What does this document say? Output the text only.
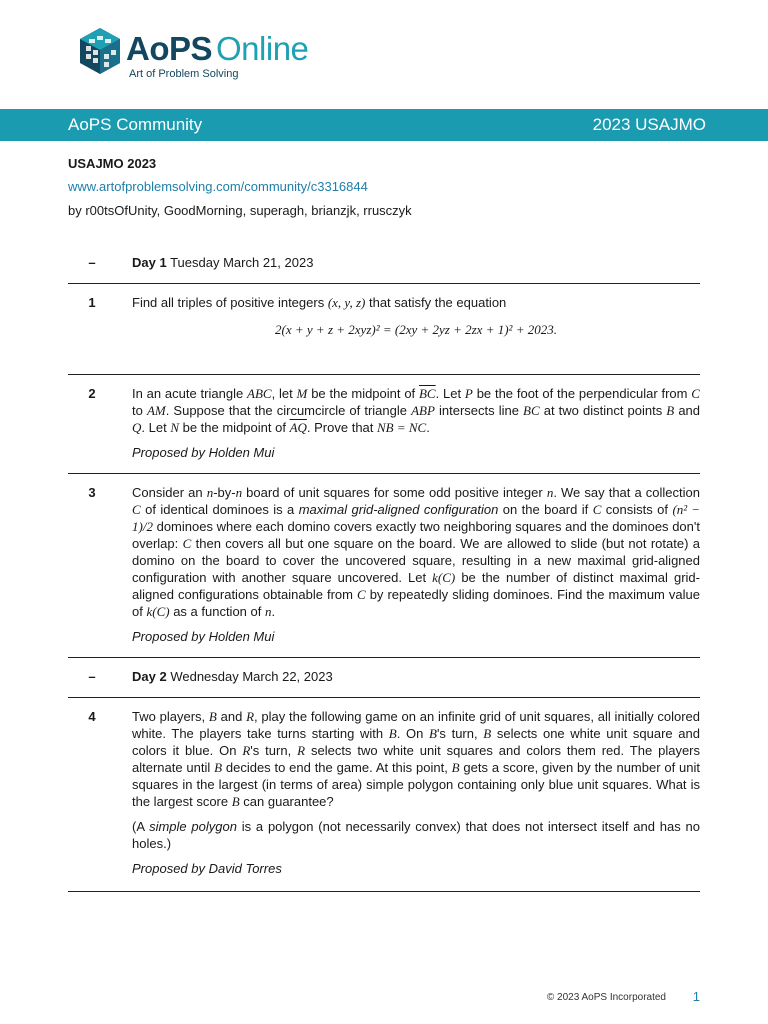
AoPS Online
Art of Problem Solving
AoPS Community	2023 USAJMO
USAJMO 2023
www.artofproblemsolving.com/community/c3316844
by r00tsOfUnity, GoodMorning, superagh, brianzjk, rrusczyk
–	Day 1 Tuesday March 21, 2023
1	Find all triples of positive integers (x, y, z) that satisfy the equation

2(x + y + z + 2xyz)² = (2xy + 2yz + 2zx + 1)² + 2023.
2	In an acute triangle ABC, let M be the midpoint of $\overline{BC}$. Let P be the foot of the perpendicular from C to AM. Suppose that the circumcircle of triangle ABP intersects line BC at two distinct points B and Q. Let N be the midpoint of $\overline{AQ}$. Prove that NB = NC.

Proposed by Holden Mui

3	Consider an n-by-n board of unit squares for some odd positive integer n. We say that a collection C of identical dominoes is a maximal grid-aligned configuration on the board if C consists of (n² − 1)/2 dominoes where each domino covers exactly two neighboring squares and the dominoes don't overlap: C then covers all but one square on the board. We are allowed to slide (but not rotate) a domino on the board to cover the uncovered square, resulting in a new maximal grid-aligned configuration with another square uncovered. Let k(C) be the number of distinct maximal grid-aligned configurations obtainable from C by repeatedly sliding dominoes. Find the maximum value of k(C) as a function of n.

Proposed by Holden Mui

–	Day 2 Wednesday March 22, 2023
4	Two players, B and R, play the following game on an infinite grid of unit squares, all initially colored white. The players take turns starting with B. On B's turn, B selects one white unit square and colors it blue. On R's turn, R selects two white unit squares and colors them red. The players alternate until B decides to end the game. At this point, B gets a score, given by the number of unit squares in the largest (in terms of area) simple polygon containing only blue unit squares. What is the largest score B can guarantee?

(A simple polygon is a polygon (not necessarily convex) that does not intersect itself and has no holes.)

Proposed by David Torres

© 2023 AoPS Incorporated 1
